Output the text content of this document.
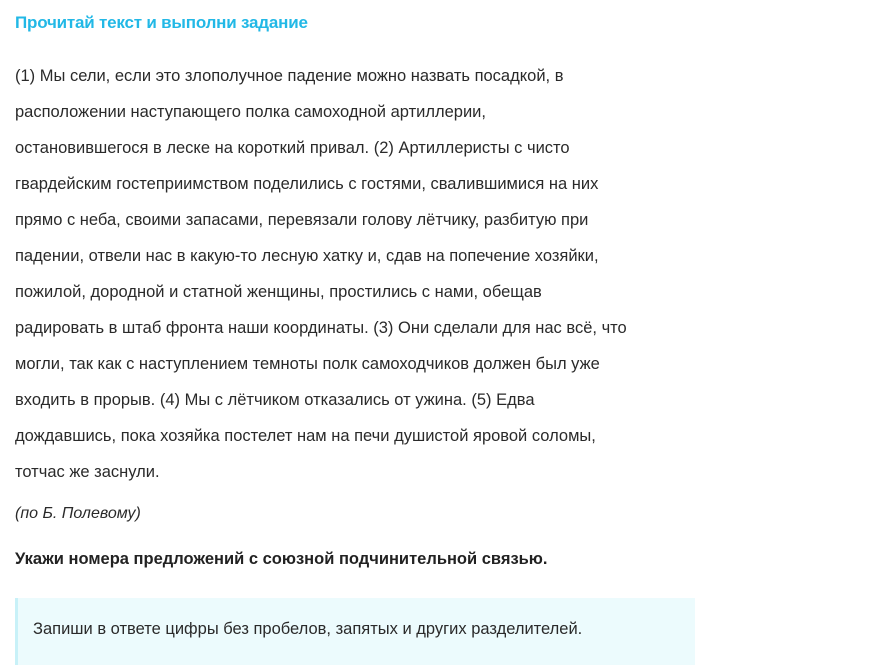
Прочитай текст и выполни задание

(1) Мы сели, если это злополучное падение можно назвать посадкой, в
расположении наступающего полка самоходной артиллерии,
остановившегося в леске на короткий привал. (2) Артиллеристы с чисто
гвардейским гостеприимством поделились с гостями, свалившимися на них
прямо с неба, своими запасами, перевязали голову лётчику, разбитую при
падении, отвели нас в какую-то лесную хатку и, сдав на попечение хозяйки,
пожилой, дородной и статной женщины, простились с нами, обещав
радировать в штаб фронта наши координаты. (3) Они сделали для нас всё, что
могли, так как с наступлением темноты полк самоходчиков должен был уже
входить в прорыв. (4) Мы с лётчиком отказались от ужина. (5) Едва
дождавшись, пока хозяйка постелет нам на печи душистой яровой соломы,
тотчас же заснули.

(по Б. Полевому)
Укажи номера предложений с союзной подчинительной связью.
Запиши в ответе цифры без пробелов, запятых и других разделителей.
